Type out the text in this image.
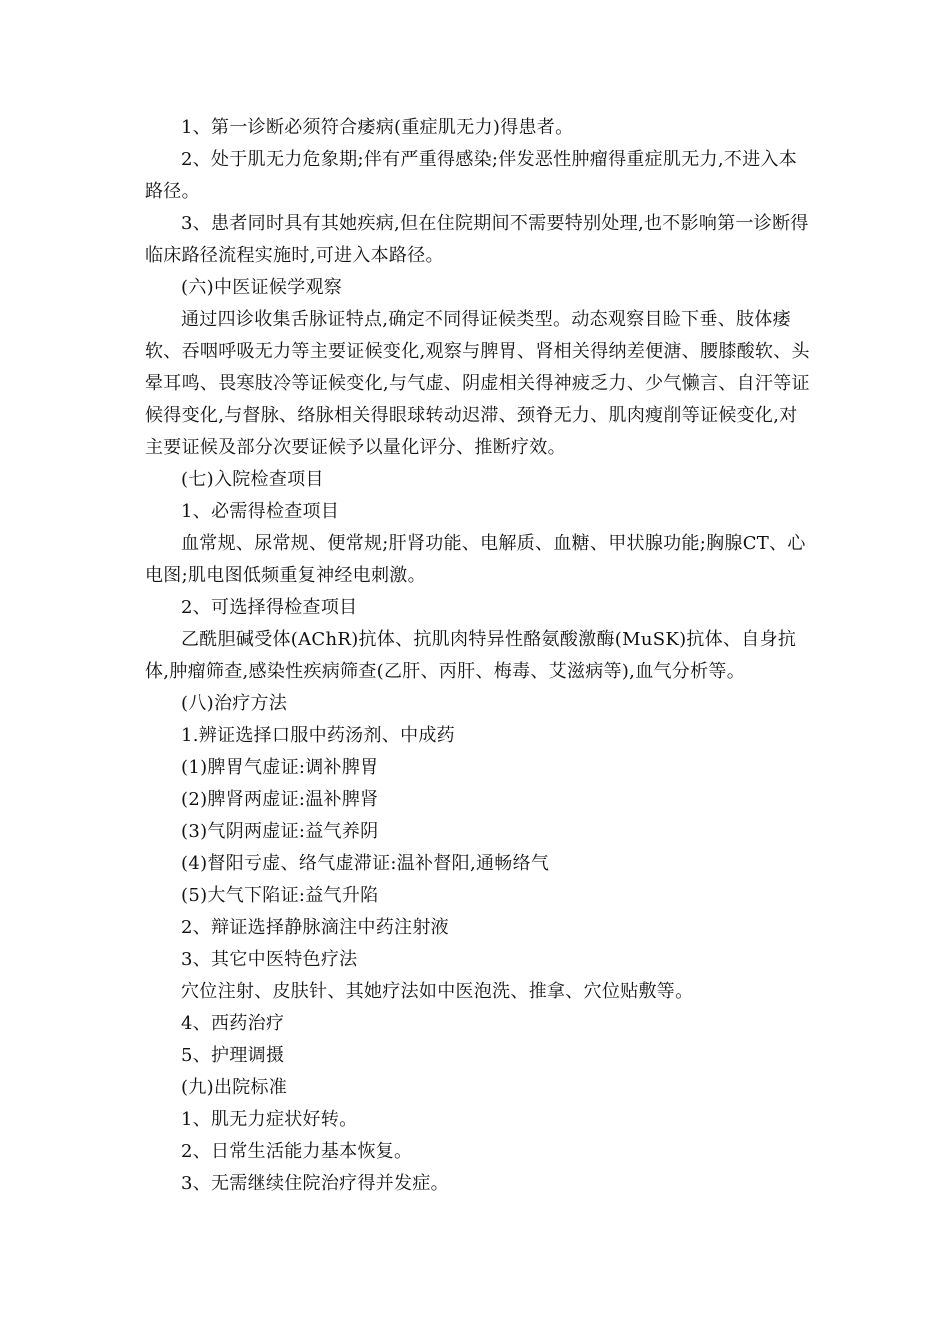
1、第一诊断必须符合痿病(重症肌无力)得患者。

2、处于肌无力危象期;伴有严重得感染;伴发恶性肿瘤得重症肌无力,不进入本路径。

3、患者同时具有其她疾病,但在住院期间不需要特别处理,也不影响第一诊断得临床路径流程实施时,可进入本路径。

(六)中医证候学观察

通过四诊收集舌脉证特点,确定不同得证候类型。动态观察目睑下垂、肢体痿软、吞咽呼吸无力等主要证候变化,观察与脾胃、肾相关得纳差便溏、腰膝酸软、头晕耳鸣、畏寒肢冷等证候变化,与气虚、阴虚相关得神疲乏力、少气懒言、自汗等证候得变化,与督脉、络脉相关得眼球转动迟滞、颈脊无力、肌肉瘦削等证候变化,对主要证候及部分次要证候予以量化评分、推断疗效。

(七)入院检查项目

1、必需得检查项目

血常规、尿常规、便常规;肝肾功能、电解质、血糖、甲状腺功能;胸腺CT、心电图;肌电图低频重复神经电刺激。

2、可选择得检查项目

乙酰胆碱受体(AChR)抗体、抗肌肉特异性酪氨酸激酶(MuSK)抗体、自身抗体,肿瘤筛查,感染性疾病筛查(乙肝、丙肝、梅毒、艾滋病等),血气分析等。

(八)治疗方法

1.辨证选择口服中药汤剂、中成药

(1)脾胃气虚证:调补脾胃

(2)脾肾两虚证:温补脾肾

(3)气阴两虚证:益气养阴

(4)督阳亏虚、络气虚滞证:温补督阳,通畅络气

(5)大气下陷证:益气升陷

2、辩证选择静脉滴注中药注射液

3、其它中医特色疗法

穴位注射、皮肤针、其她疗法如中医泡洗、推拿、穴位贴敷等。

4、西药治疗

5、护理调摄

(九)出院标准

1、肌无力症状好转。

2、日常生活能力基本恢复。

3、无需继续住院治疗得并发症。
